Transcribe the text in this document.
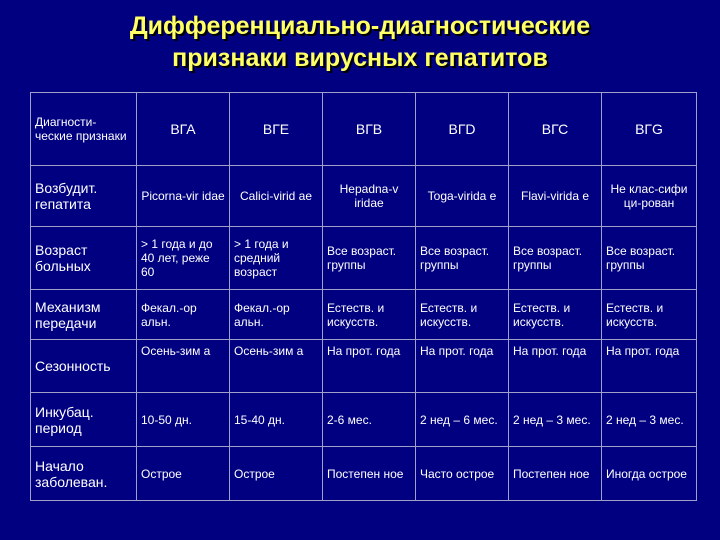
Дифференциально-диагностические
признаки вирусных гепатитов
Диагности-ческие признаки	ВГА	ВГЕ	ВГВ	ВГD	ВГС	ВГG
Возбудит. гепатита	Picorna-vir idae	Calici-virid ae	Hepadna-v iridae	Toga-virida e	Flavi-virida e	Не клас-сифи ци-рован
Возраст больных	> 1 года и до 40 лет, реже 60	> 1 года и средний возраст	Все возраст. группы	Все возраст. группы	Все возраст. группы	Все возраст. группы
Механизм передачи	Фекал.-ор альн.	Фекал.-ор альн.	Естеств. и искусств.	Естеств. и искусств.	Естеств. и искусств.	Естеств. и искусств.
Сезонность	Осень-зим а	Осень-зим а	На прот. года	На прот. года	На прот. года	На прот. года
Инкубац. период	10-50 дн.	15-40 дн.	2-6 мес.	2 нед – 6 мес.	2 нед – 3 мес.	2 нед – 3 мес.
Начало заболеван.	Острое	Острое	Постепен ное	Часто острое	Постепен ное	Иногда острое
